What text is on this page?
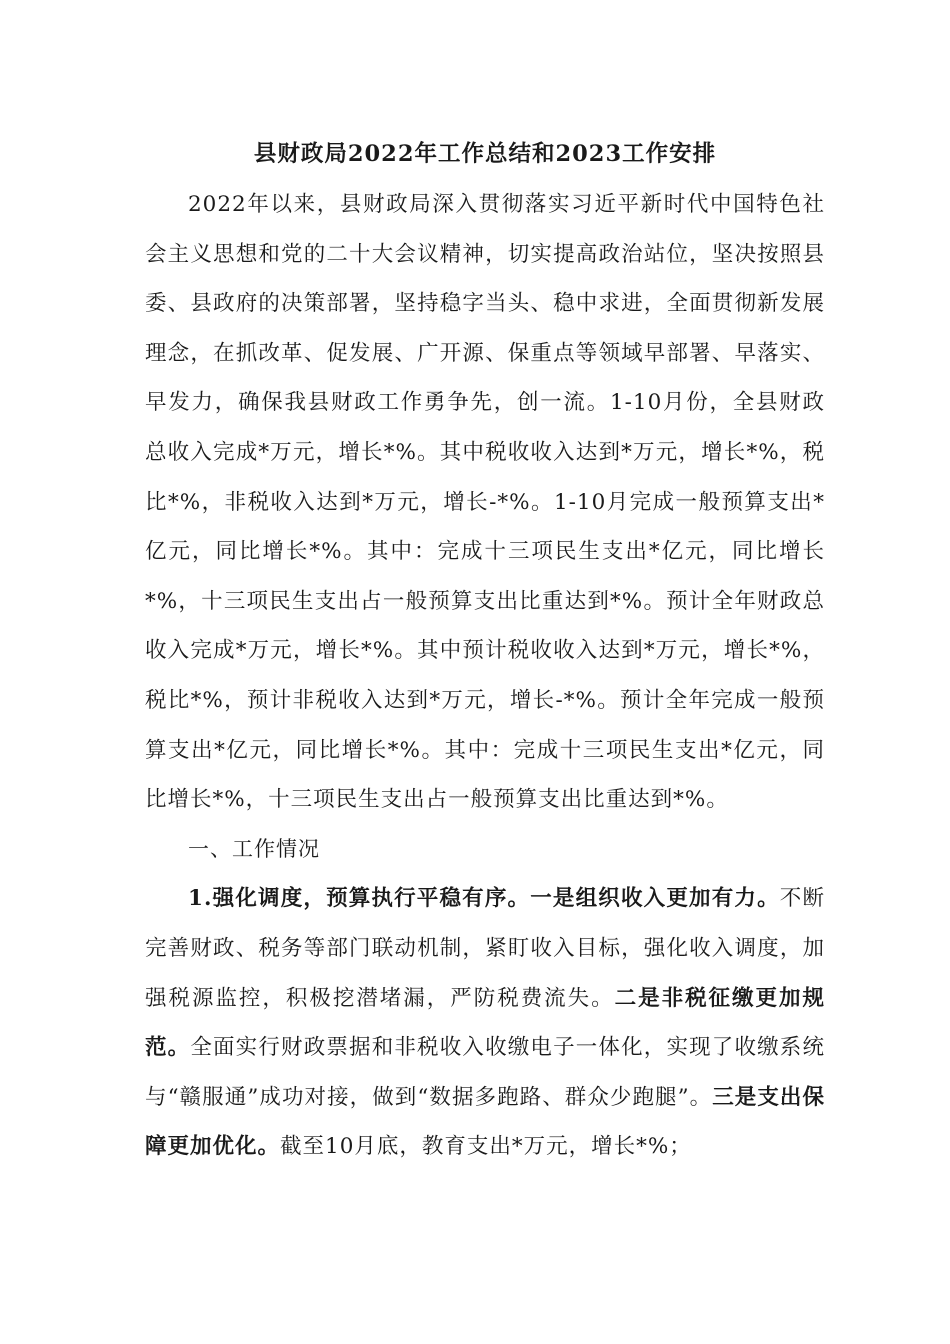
县财政局2022年工作总结和2023工作安排

2022年以来，县财政局深入贯彻落实习近平新时代中国特色社会主义思想和党的二十大会议精神，切实提高政治站位，坚决按照县委、县政府的决策部署，坚持稳字当头、稳中求进，全面贯彻新发展理念，在抓改革、促发展、广开源、保重点等领域早部署、早落实、早发力，确保我县财政工作勇争先，创一流。1-10月份，全县财政总收入完成*万元，增长*%。其中税收收入达到*万元，增长*%，税比*%，非税收入达到*万元，增长-*%。1-10月完成一般预算支出*亿元，同比增长*%。其中：完成十三项民生支出*亿元，同比增长*%，十三项民生支出占一般预算支出比重达到*%。预计全年财政总收入完成*万元，增长*%。其中预计税收收入达到*万元，增长*%，税比*%，预计非税收入达到*万元，增长-*%。预计全年完成一般预算支出*亿元，同比增长*%。其中：完成十三项民生支出*亿元，同比增长*%，十三项民生支出占一般预算支出比重达到*%。

一、工作情况

1.强化调度，预算执行平稳有序。一是组织收入更加有力。不断完善财政、税务等部门联动机制，紧盯收入目标，强化收入调度，加强税源监控，积极挖潜堵漏，严防税费流失。二是非税征缴更加规范。全面实行财政票据和非税收入收缴电子一体化，实现了收缴系统与“赣服通”成功对接，做到“数据多跑路、群众少跑腿”。三是支出保障更加优化。截至10月底，教育支出*万元，增长*%；
